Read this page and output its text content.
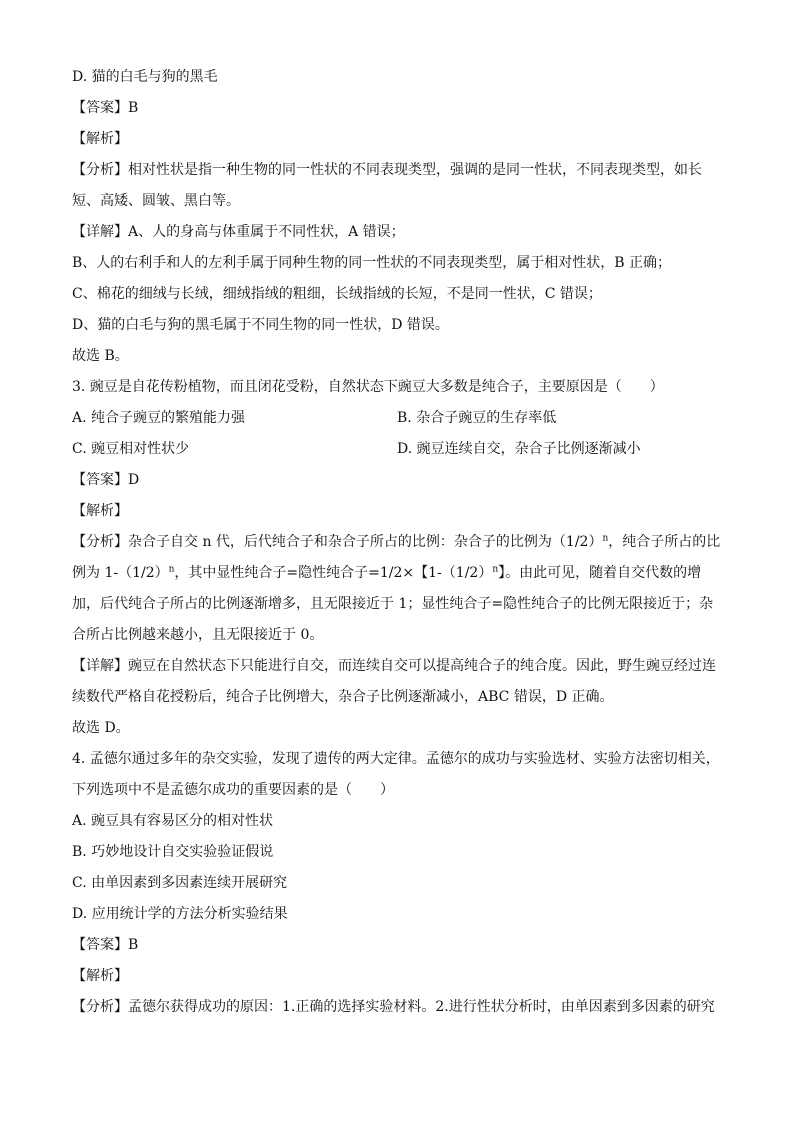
D. 猫的白毛与狗的黑毛
【答案】B
【解析】
【分析】相对性状是指一种生物的同一性状的不同表现类型，强调的是同一性状，不同表现类型，如长短、高矮、圆皱、黑白等。
【详解】A、人的身高与体重属于不同性状，A 错误；
B、人的右利手和人的左利手属于同种生物的同一性状的不同表现类型，属于相对性状，B 正确；
C、棉花的细绒与长绒，细绒指绒的粗细，长绒指绒的长短，不是同一性状，C 错误；
D、猫的白毛与狗的黑毛属于不同生物的同一性状，D 错误。
故选 B。
3. 豌豆是自花传粉植物，而且闭花受粉，自然状态下豌豆大多数是纯合子，主要原因是（　　）
A. 纯合子豌豆的繁殖能力强	B. 杂合子豌豆的生存率低
C. 豌豆相对性状少	D. 豌豆连续自交，杂合子比例逐渐减小
【答案】D
【解析】
【分析】杂合子自交 n 代，后代纯合子和杂合子所占的比例：杂合子的比例为$(1/2)^n$，纯合子所占的比例为 $1-(1/2)^n$，其中显性纯合子=隐性纯合子=1/2×【$1-(1/2)^n$】。由此可见，随着自交代数的增加，后代纯合子所占的比例逐渐增多，且无限接近于 1；显性纯合子=隐性纯合子的比例无限接近于；杂合所占比例越来越小，且无限接近于 0。
【详解】豌豆在自然状态下只能进行自交，而连续自交可以提高纯合子的纯合度。因此，野生豌豆经过连续数代严格自花授粉后，纯合子比例增大，杂合子比例逐渐减小，ABC 错误，D 正确。
故选 D。
4. 孟德尔通过多年的杂交实验，发现了遗传的两大定律。孟德尔的成功与实验选材、实验方法密切相关，下列选项中不是孟德尔成功的重要因素的是（　　）
A. 豌豆具有容易区分的相对性状
B. 巧妙地设计自交实验验证假说
C. 由单因素到多因素连续开展研究
D. 应用统计学的方法分析实验结果
【答案】B
【解析】
【分析】孟德尔获得成功的原因：1.正确的选择实验材料。2.进行性状分析时，由单因素到多因素的研究
